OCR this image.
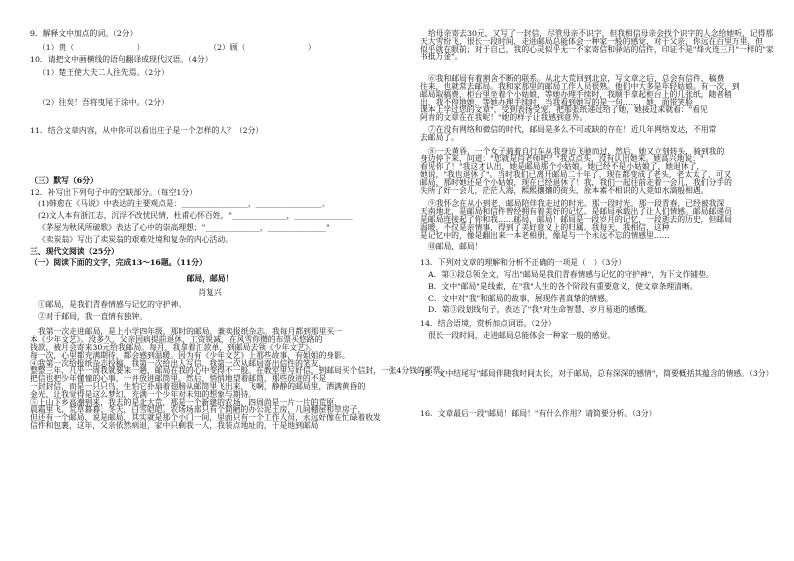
9．解释文中加点的词。（2分）
（1）贵（　　　　　　　　）	（2）顾（　　　　　　　　）
10．请把文中画横线的语句翻译成现代汉语。（4分）
（1）楚王使大夫二人往先焉。（2分）
（2）往矣！吾将曳尾于涂中。（2分）
11．结合文章内容，从中你可以看出庄子是一个怎样的人？（2分）
（三）默写（6分）
12．补写出下列句子中的空缺部分。（每空1分）
(1)韩愈在《马说》中表达的主要观点是：_________________，_________________。
(2)文人本有浙江志，沉浮不改忧民情，杜甫心怀百姓，"______________，_______________
《茅屋为秋风所破歌》表达了心中的崇高理想；"______________，_______________"
《卖炭翁》写出了卖炭翁的艰难处境和复杂的内心活动。
三、现代文阅读（25分）
（一）阅读下面的文字，完成13～16题。（11分）
邮局，邮局！
肖复兴
①邮局，是我们青春情感与记忆的守护神。
②对于邮局，我一直情有独钟。
我第一次走进邮局，是上小学四年级，那时的邮局，兼卖报纸杂志。我每月都到那里买一
本《少年文艺》。没多久，父亲因病提前退休，工资锐减，在风雪你攒的布票买悠路的
钱款，被月会寄来30元给我邮局。每月，我拿着汇款单，到邮局去领《少年文艺》。
每一次，心里都充满期待，都会感到温暖。因为有《少年文艺》上那些故事，有姐姐的身影。
④我第一次给报纸杂志投稿，我第一次给出人写信，我第一次从邮局寄出信件的笔友，
整整三年，几乎一周我就要来一趟，邮局在我的心中变得不一般。在教室里写好信，到邮局买个信封，一张4分钱的邮票，
把信也把少年懂憧的心事，一并放进邮筒里。然后，悄悄地望着邮筒，那些放进的不是
一封封信，而是一只只鸟，生怕它扑扇着翅膀从邮筒里飞出来，飞啊，静静的邮局里，洒满黄昏的
金光，让我觉得是这么梦幻，充满一个少年对未知的想象与期待。
⑤上山下乡高潮到来，我去的是北大荒，那是一个新建的农场，四周尚是一片一片的荒原，
晨霜里飞，荒草暮暮；冬天，白雪皑皑。农场场部只有个简陋的办公泥土房，几间棚屋和草房子，
但还有一个邮局，说是邮局，其实就是那个小门一间，里面只有一个工作人员，永远好像在忙碌着收发
信件和包裹，这年，父亲依然病退，家中只剩我一人，我装点地址的，于是地到邮局
给母亲寄去30元，又写了一封信，尽管母亲不识字，但我相信母亲会找个识字的人念给她听，记得那
天大雪纷飞，很长一段时间，走进邮局总能体会一种家一般的感觉，对于父亲，你远在百里万里，但
似乎就在眼前；对于自己，我的心灵似乎无一不家寄信和驿站的信件，印证不是"烽火连三月"一样的"家
书抵万金"。
⑥我和邮局有着割舍不断的联系。从北大荒回到北京，写文章之后，总会有信件、稿费
往来，也就常去邮局。我和家那里的邮局工作人员很熟。他们中大多是年轻姑娘。有一次，到
邮局取稿费，柜台里坐着个小姑娘，等她办理手续时，我顺手拿起柜台上的几张纸，随者稍
出，我不停地她，等她办理手续时，当我看到她写的是一句……，她，面带笑脸
课本上学过您的文章"，受到表扬受宠，把那张纸递过给了她，她接过来就看："看见
阿肯的文章在在我呢！"她的样子让我感到意外。
⑦在没有网络和微信的时代，邮局是多么不可或缺的存在！近几年网络发达，不用常
去邮局了。
⑧一天黄昏，一个女子骑着自行车从我身边飞驰而过，然后，她又立刻转头，骑到我的
身边停下来，问道："您就是肖老师吧？"我点点头，没有认出她来。她高兴地说："
看见你了！"我这才认出，她是邮局那个小姑娘。她已经不是小姑娘了，她退休了，
她说，"我也退休了"。当时我们已离开邮局二十年了，现在都变成了老头，老太太了，可又
邮局，那时她还是个小姑娘，现在已经退休了！我，我们一起往前走着一会儿，我们分手的
失所了好一会儿，茫茫人海，熙熙攘攘的街头，原本素不相识的人竟如水滴般相遇。
⑨我怀念在从小到老，邮局陪伴我走过的时光。那一段时光，那一段青春，已经被我深
天南地北，是邮局和信件曾经拥有着美好的记忆。是邮局承载出了让人们情感。邮局邮递员
是邮局连接起了你和我……邮局，邮局！邮局是一段岁月的记忆，一段逝去的历史，但邮局
温暖，不仅是亲情事，得到了美好意义上的归属。我每天，我相信，这种
是记忆中的，像是翻出来一本老相册，像是与一个永远不忘的情感里……
⑩邮局，邮局！
13．下列对文章的理解和分析不正确的一项是（　）（3分）
A．第①段总领全文，写出"邮局是我们青春情感与记忆的守护神"，为下文作铺垫。
B．文中"邮局"是线索，在"我"人生的各个阶段有重要意义，使文章条理清晰。
C．文中对"我"和邮局的故事，展现作者真挚的情感。
D．第③段划线句子，表达了"我"对生命智慧、岁月易逝的感慨。
14．结合语境，赏析加点词语。（2分）
很长一段时间，走进邮局总能体会一种家一般的感觉。
15．文中结尾写"邮局伴随我时间太长，对于邮局，总有深深的感情"，简要概括其蕴含的情感。（3分）
16．文章最后一段"邮局！邮局！"有什么作用？请简要分析。（3分）
